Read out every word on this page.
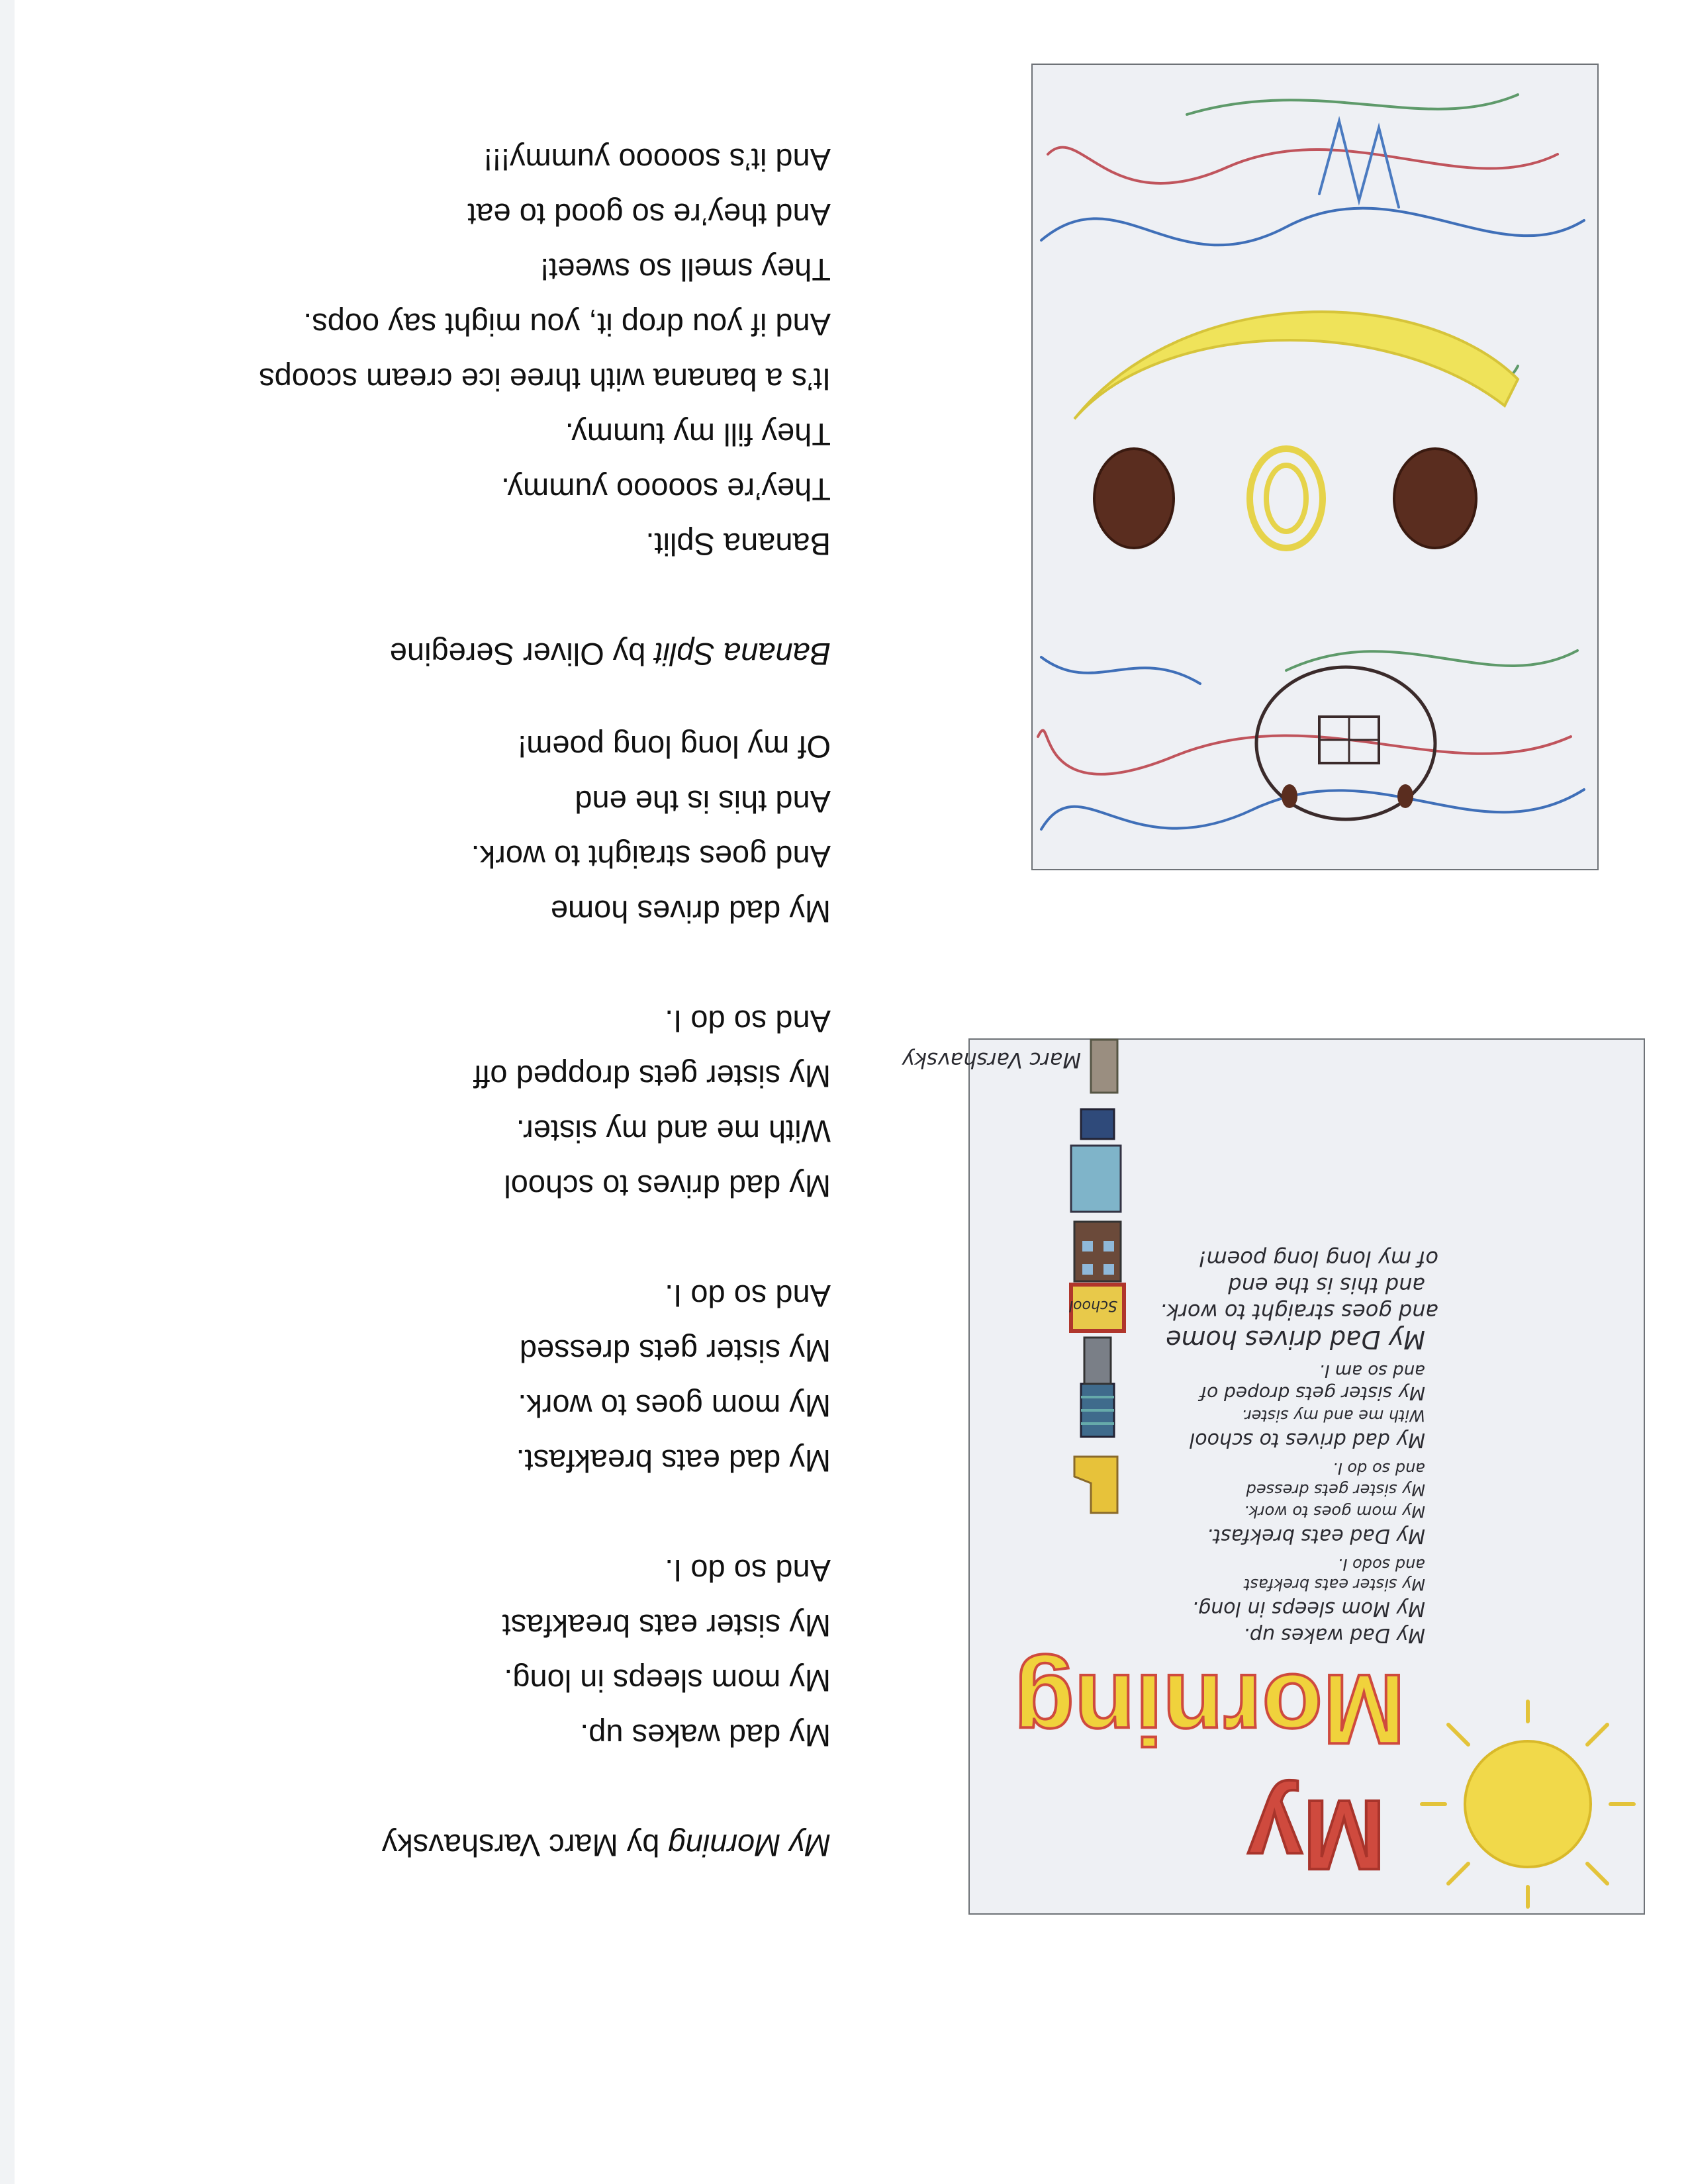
My Morning by Marc Varshavsky
My dad wakes up.
My mom sleeps in long.
My sister eats breakfast
And so do I.
My dad eats breakfast.
My mom goes to work.
My sister gets dressed
And so do I.
My dad drives to school
With me and my sister.
My sister gets dropped off
And so do I.
My dad drives home
And goes straight to work.
And this is the end
Of my long long poem!
Banana Split by Oliver Seregine
Banana Split.
They’re sooooo yummy.
They fill my tummy.
It’s a banana with three ice cream scoops
And if you drop it, you might say oops.
They smell so sweet!
And they’re so good to eat
And it’s sooooo yummy!!!
My
Morning
My Dad wakes up.
My Mom sleeps in long.
My sister eats brekfast
and sodo I.
My Dad eats brekfast.
My mom goes to work.
My sister gets dressed
and so do I.
My dad drives to school
With me and my sister.
My sister gets droped of
and so am I.
My Dad drives home
and goes straight to work.
and this is the end
of my long long poem!
School
Marc Varshavsky
